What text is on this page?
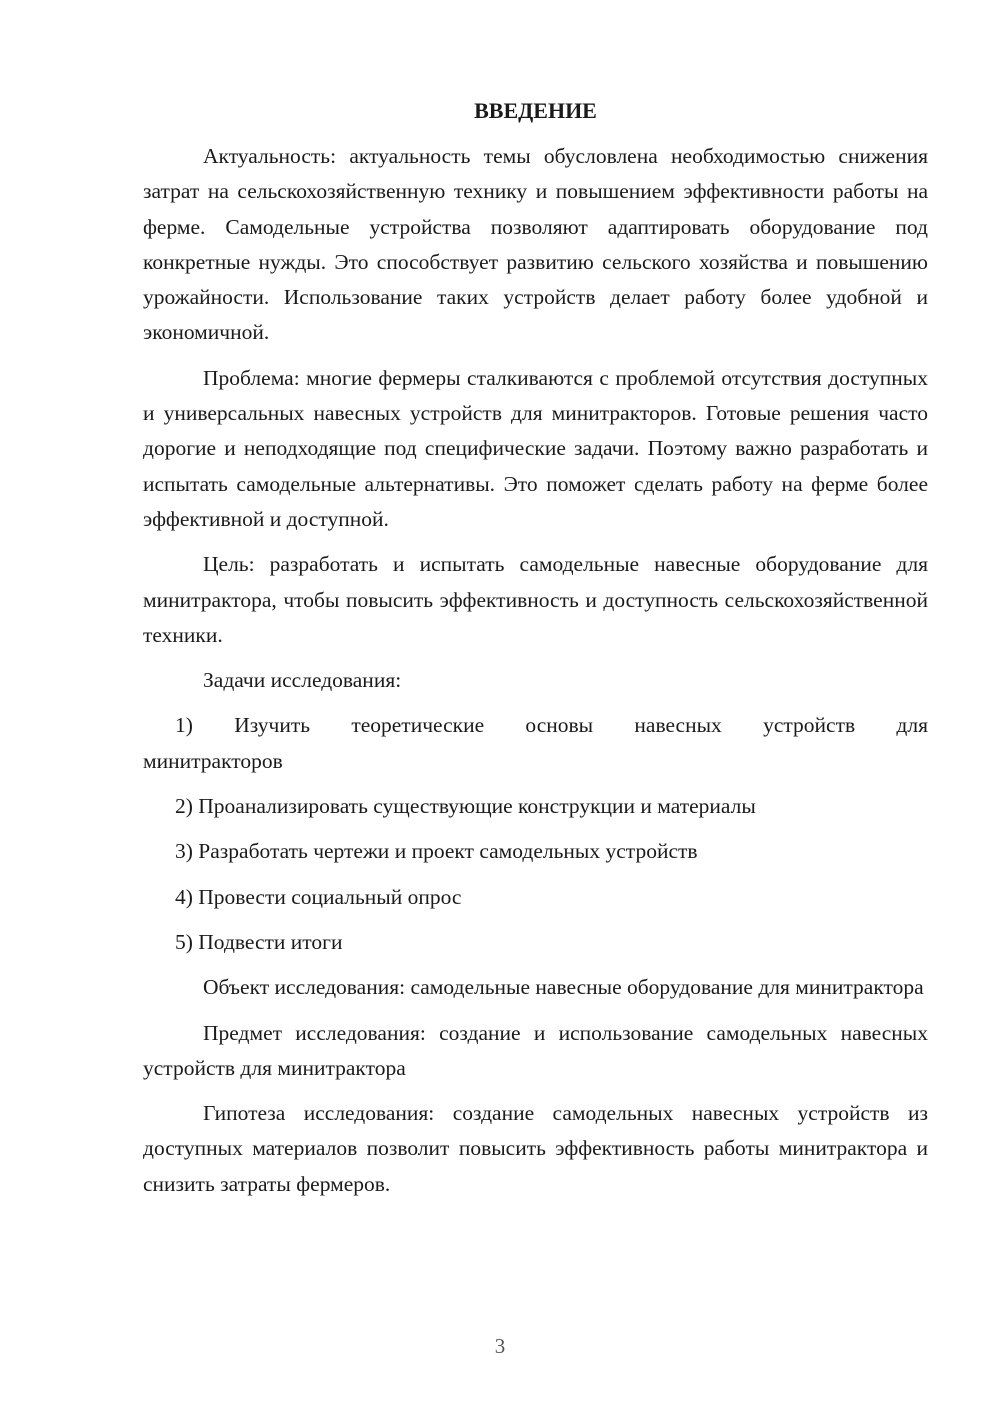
ВВЕДЕНИЕ

Актуальность: актуальность темы обусловлена необходимостью снижения затрат на сельскохозяйственную технику и повышением эффективности работы на ферме. Самодельные устройства позволяют адаптировать оборудование под конкретные нужды. Это способствует развитию сельского хозяйства и повышению урожайности. Использование таких устройств делает работу более удобной и экономичной.

Проблема: многие фермеры сталкиваются с проблемой отсутствия доступных и универсальных навесных устройств для минитракторов. Готовые решения часто дорогие и неподходящие под специфические задачи. Поэтому важно разработать и испытать самодельные альтернативы. Это поможет сделать работу на ферме более эффективной и доступной.

Цель: разработать и испытать самодельные навесные оборудование для минитрактора, чтобы повысить эффективность и доступность сельскохозяйственной техники.

Задачи исследования:

1) Изучить теоретические основы навесных устройств для минитракторов

2) Проанализировать существующие конструкции и материалы

3) Разработать чертежи и проект самодельных устройств

4) Провести социальный опрос

5) Подвести итоги

Объект исследования: самодельные навесные оборудование для минитрактора

Предмет исследования: создание и использование самодельных навесных устройств для минитрактора

Гипотеза исследования: создание самодельных навесных устройств из доступных материалов позволит повысить эффективность работы минитрактора и снизить затраты фермеров.

3
